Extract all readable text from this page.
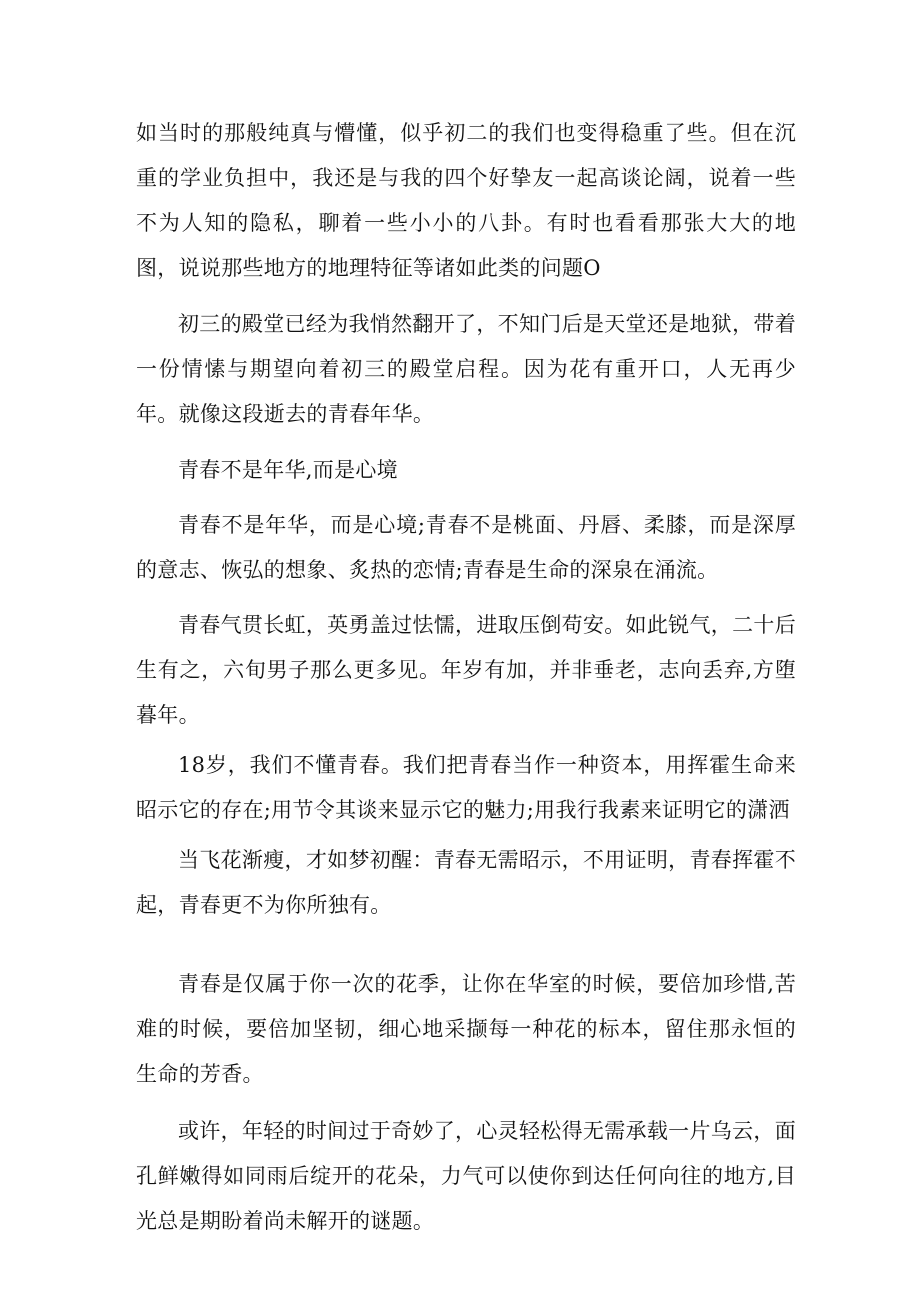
如当时的那般纯真与懵懂，似乎初二的我们也变得稳重了些。但在沉重的学业负担中，我还是与我的四个好挚友一起高谈论阔，说着一些不为人知的隐私，聊着一些小小的八卦。有时也看看那张大大的地图，说说那些地方的地理特征等诸如此类的问题O

初三的殿堂已经为我悄然翻开了，不知门后是天堂还是地狱，带着一份情愫与期望向着初三的殿堂启程。因为花有重开口，人无再少年。就像这段逝去的青春年华。

青春不是年华,而是心境

青春不是年华，而是心境;青春不是桃面、丹唇、柔膝，而是深厚的意志、恢弘的想象、炙热的恋情;青春是生命的深泉在涌流。

青春气贯长虹，英勇盖过怯懦，进取压倒苟安。如此锐气，二十后生有之，六旬男子那么更多见。年岁有加，并非垂老，志向丢弃,方堕暮年。

18岁，我们不懂青春。我们把青春当作一种资本，用挥霍生命来昭示它的存在;用节令其谈来显示它的魅力;用我行我素来证明它的潇洒

当飞花渐瘦，才如梦初醒：青春无需昭示，不用证明，青春挥霍不起，青春更不为你所独有。

青春是仅属于你一次的花季，让你在华室的时候，要倍加珍惜,苦难的时候，要倍加坚韧，细心地采撷每一种花的标本，留住那永恒的生命的芳香。

或许，年轻的时间过于奇妙了，心灵轻松得无需承载一片乌云，面孔鲜嫩得如同雨后绽开的花朵，力气可以使你到达任何向往的地方,目光总是期盼着尚未解开的谜题。
